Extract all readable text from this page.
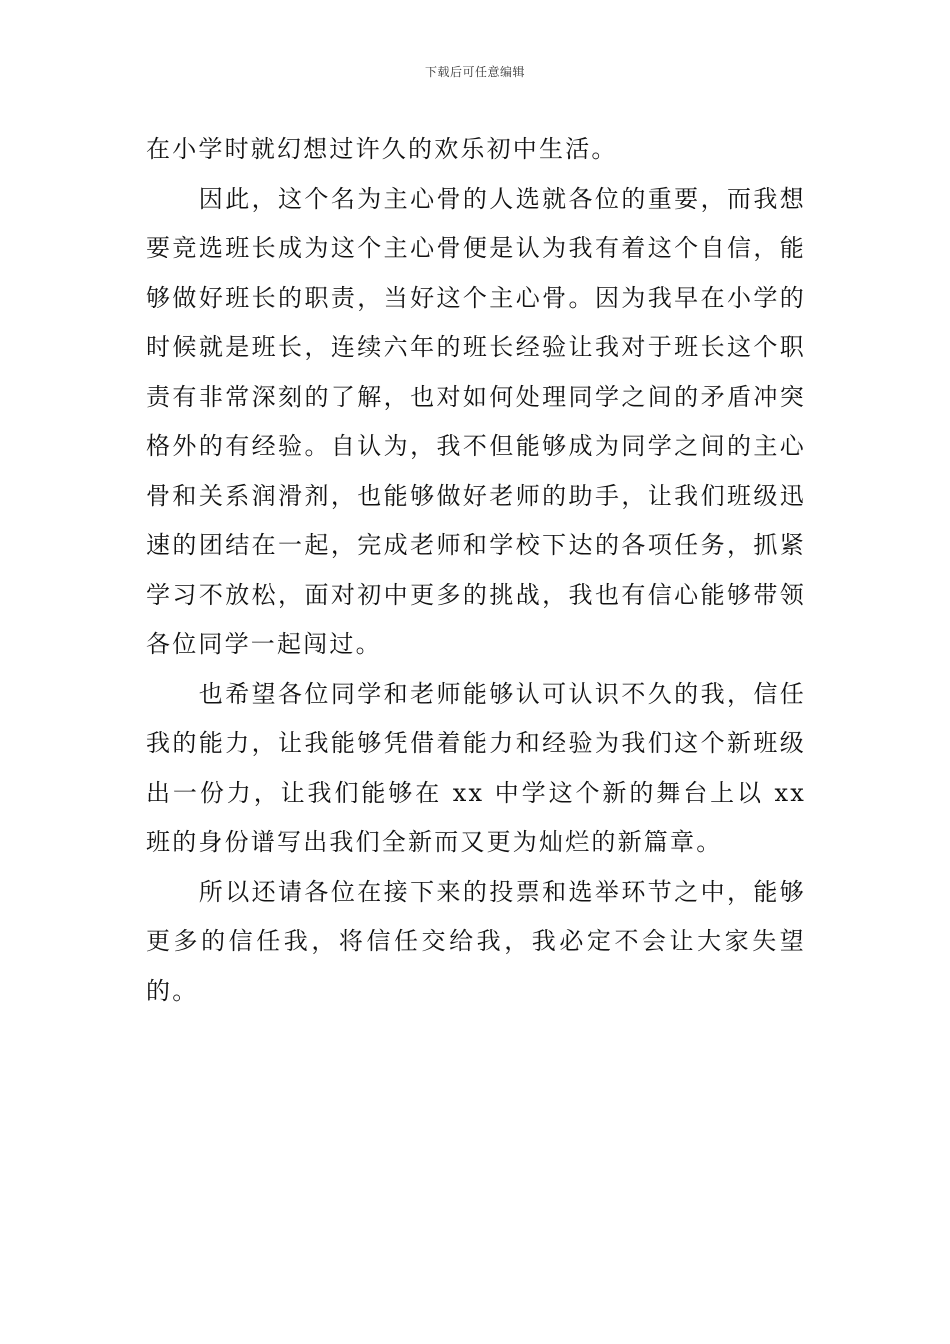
下载后可任意编辑

在小学时就幻想过许久的欢乐初中生活。

因此，这个名为主心骨的人选就各位的重要，而我想要竞选班长成为这个主心骨便是认为我有着这个自信，能够做好班长的职责，当好这个主心骨。因为我早在小学的时候就是班长，连续六年的班长经验让我对于班长这个职责有非常深刻的了解，也对如何处理同学之间的矛盾冲突格外的有经验。自认为，我不但能够成为同学之间的主心骨和关系润滑剂，也能够做好老师的助手，让我们班级迅速的团结在一起，完成老师和学校下达的各项任务，抓紧学习不放松，面对初中更多的挑战，我也有信心能够带领各位同学一起闯过。

也希望各位同学和老师能够认可认识不久的我，信任我的能力，让我能够凭借着能力和经验为我们这个新班级出一份力，让我们能够在 xx 中学这个新的舞台上以 xx 班的身份谱写出我们全新而又更为灿烂的新篇章。

所以还请各位在接下来的投票和选举环节之中，能够更多的信任我，将信任交给我，我必定不会让大家失望的。
